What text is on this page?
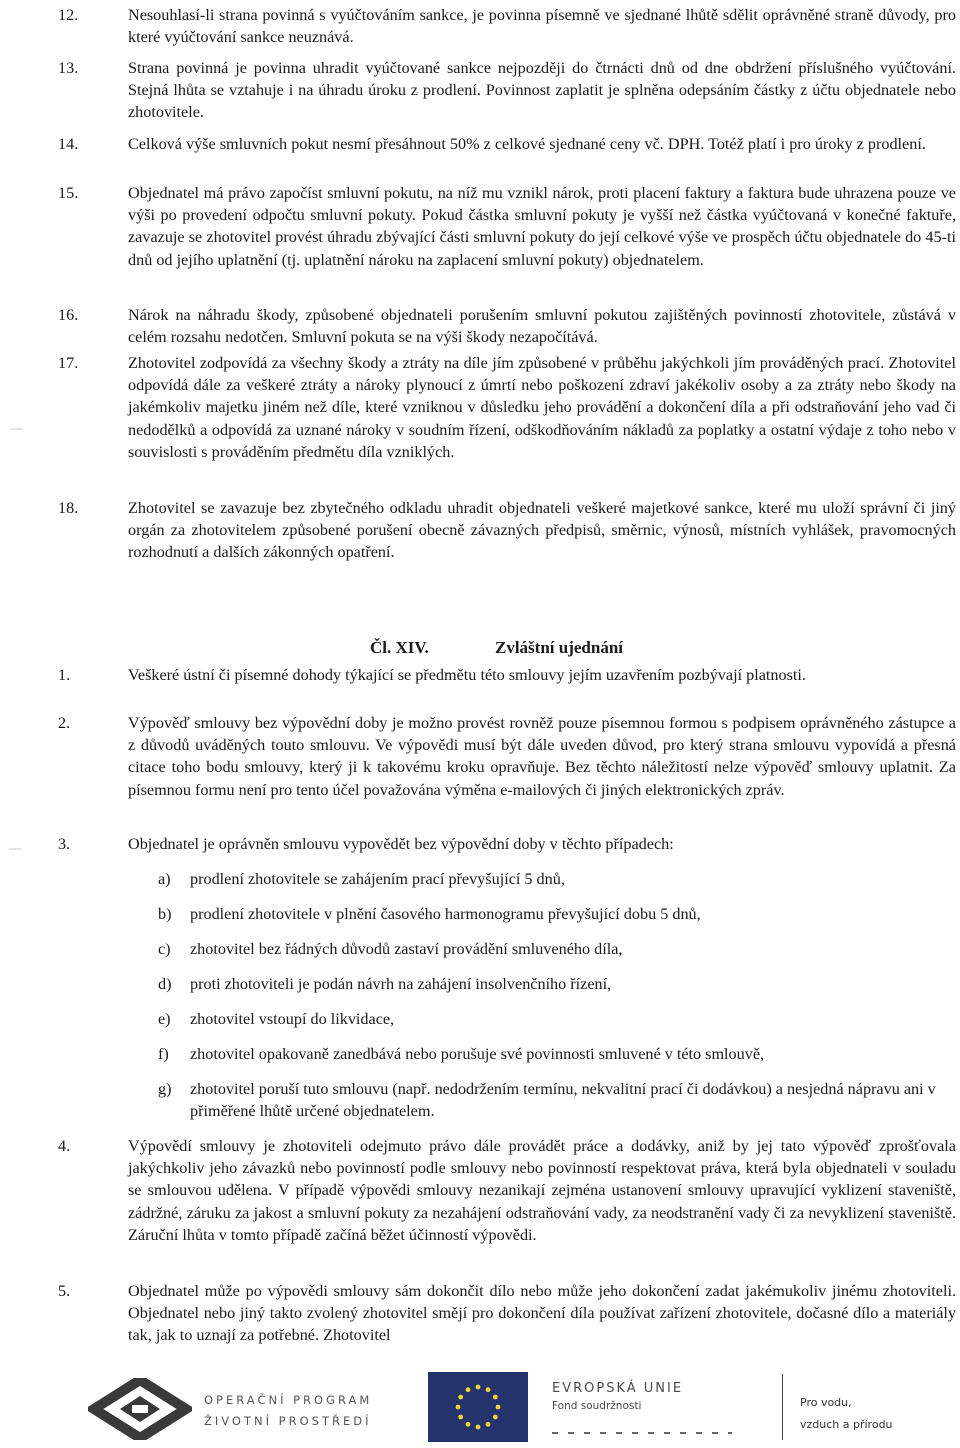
12.	Nesouhlasí-li strana povinná s vyúčtováním sankce, je povinna písemně ve sjednané lhůtě sdělit oprávněné straně důvody, pro které vyúčtování sankce neuznává.
13.	Strana povinná je povinna uhradit vyúčtované sankce nejpozději do čtrnácti dnů od dne obdržení příslušného vyúčtování. Stejná lhůta se vztahuje i na úhradu úroku z prodlení. Povinnost zaplatit je splněna odepsáním částky z účtu objednatele nebo zhotovitele.
14.	Celková výše smluvních pokut nesmí přesáhnout 50% z celkové sjednané ceny vč. DPH. Totéž platí i pro úroky z prodlení.
15.	Objednatel má právo započíst smluvní pokutu, na níž mu vznikl nárok, proti placení faktury a faktura bude uhrazena pouze ve výši po provedení odpočtu smluvní pokuty. Pokud částka smluvní pokuty je vyšší než částka vyúčtovaná v konečné faktuře, zavazuje se zhotovitel provést úhradu zbývající části smluvní pokuty do její celkové výše ve prospěch účtu objednatele do 45-ti dnů od jejího uplatnění (tj. uplatnění nároku na zaplacení smluvní pokuty) objednatelem.
16.	Nárok na náhradu škody, způsobené objednateli porušením smluvní pokutou zajištěných povinností zhotovitele, zůstává v celém rozsahu nedotčen. Smluvní pokuta se na výši škody nezapočítává.
17.	Zhotovitel zodpovídá za všechny škody a ztráty na díle jím způsobené v průběhu jakýchkoli jím prováděných prací. Zhotovitel odpovídá dále za veškeré ztráty a nároky plynoucí z úmrtí nebo poškození zdraví jakékoliv osoby a za ztráty nebo škody na jakémkoliv majetku jiném než díle, které vzniknou v důsledku jeho provádění a dokončení díla a při odstraňování jeho vad či nedodělků a odpovídá za uznané nároky v soudním řízení, odškodňováním nákladů za poplatky a ostatní výdaje z toho nebo v souvislosti s prováděním předmětu díla vzniklých.
18.	Zhotovitel se zavazuje bez zbytečného odkladu uhradit objednateli veškeré majetkové sankce, které mu uloží správní či jiný orgán za zhotovitelem způsobené porušení obecně závazných předpisů, směrnic, výnosů, místních vyhlášek, pravomocných rozhodnutí a dalších zákonných opatření.
Čl. XIV.	Zvláštní ujednání
1.	Veškeré ústní či písemné dohody týkající se předmětu této smlouvy jejím uzavřením pozbývají platnosti.
2.	Výpověď smlouvy bez výpovědní doby je možno provést rovněž pouze písemnou formou s podpisem oprávněného zástupce a z důvodů uváděných touto smlouvu. Ve výpovědi musí být dále uveden důvod, pro který strana smlouvu vypovídá a přesná citace toho bodu smlouvy, který ji k takovému kroku opravňuje. Bez těchto náležitostí nelze výpověď smlouvy uplatnit. Za písemnou formu není pro tento účel považována výměna e-mailových či jiných elektronických zpráv.
3.	Objednatel je oprávněn smlouvu vypovědět bez výpovědní doby v těchto případech:
a) prodlení zhotovitele se zahájením prací převyšující 5 dnů,
b) prodlení zhotovitele v plnění časového harmonogramu převyšující dobu 5 dnů,
c) zhotovitel bez řádných důvodů zastaví provádění smluveného díla,
d) proti zhotoviteli je podán návrh na zahájení insolvenčního řízení,
e) zhotovitel vstoupí do likvidace,
f) zhotovitel opakovaně zanedbává nebo porušuje své povinnosti smluvené v této smlouvě,
g) zhotovitel poruší tuto smlouvu (např. nedodržením termínu, nekvalitní prací či dodávkou) a nesjedná nápravu ani v přiměřené lhůtě určené objednatelem.
4.	Výpovědí smlouvy je zhotoviteli odejmuto právo dále provádět práce a dodávky, aniž by jej tato výpověď zprošťovala jakýchkoliv jeho závazků nebo povinností podle smlouvy nebo povinností respektovat práva, která byla objednateli v souladu se smlouvou udělena. V případě výpovědi smlouvy nezanikají zejména ustanovení smlouvy upravující vyklizení staveniště, zádržné, záruku za jakost a smluvní pokuty za nezahájení odstraňování vady, za neodstranění vady či za nevyklizení staveniště. Záruční lhůta v tomto případě začíná běžet účinností výpovědi.
5.	Objednatel může po výpovědi smlouvy sám dokončit dílo nebo může jeho dokončení zadat jakémukoliv jinému zhotoviteli. Objednatel nebo jiný takto zvolený zhotovitel smějí pro dokončení díla používat zařízení zhotovitele, dočasné dílo a materiály tak, jak to uznají za potřebné. Zhotovitel
—
—
OPERAČNÍ PROGRAM
ŽIVOTNÍ PROSTŘEDÍ
EVROPSKÁ UNIE
Fond soudržnosti	Pro vodu,
vzduch a přírodu
